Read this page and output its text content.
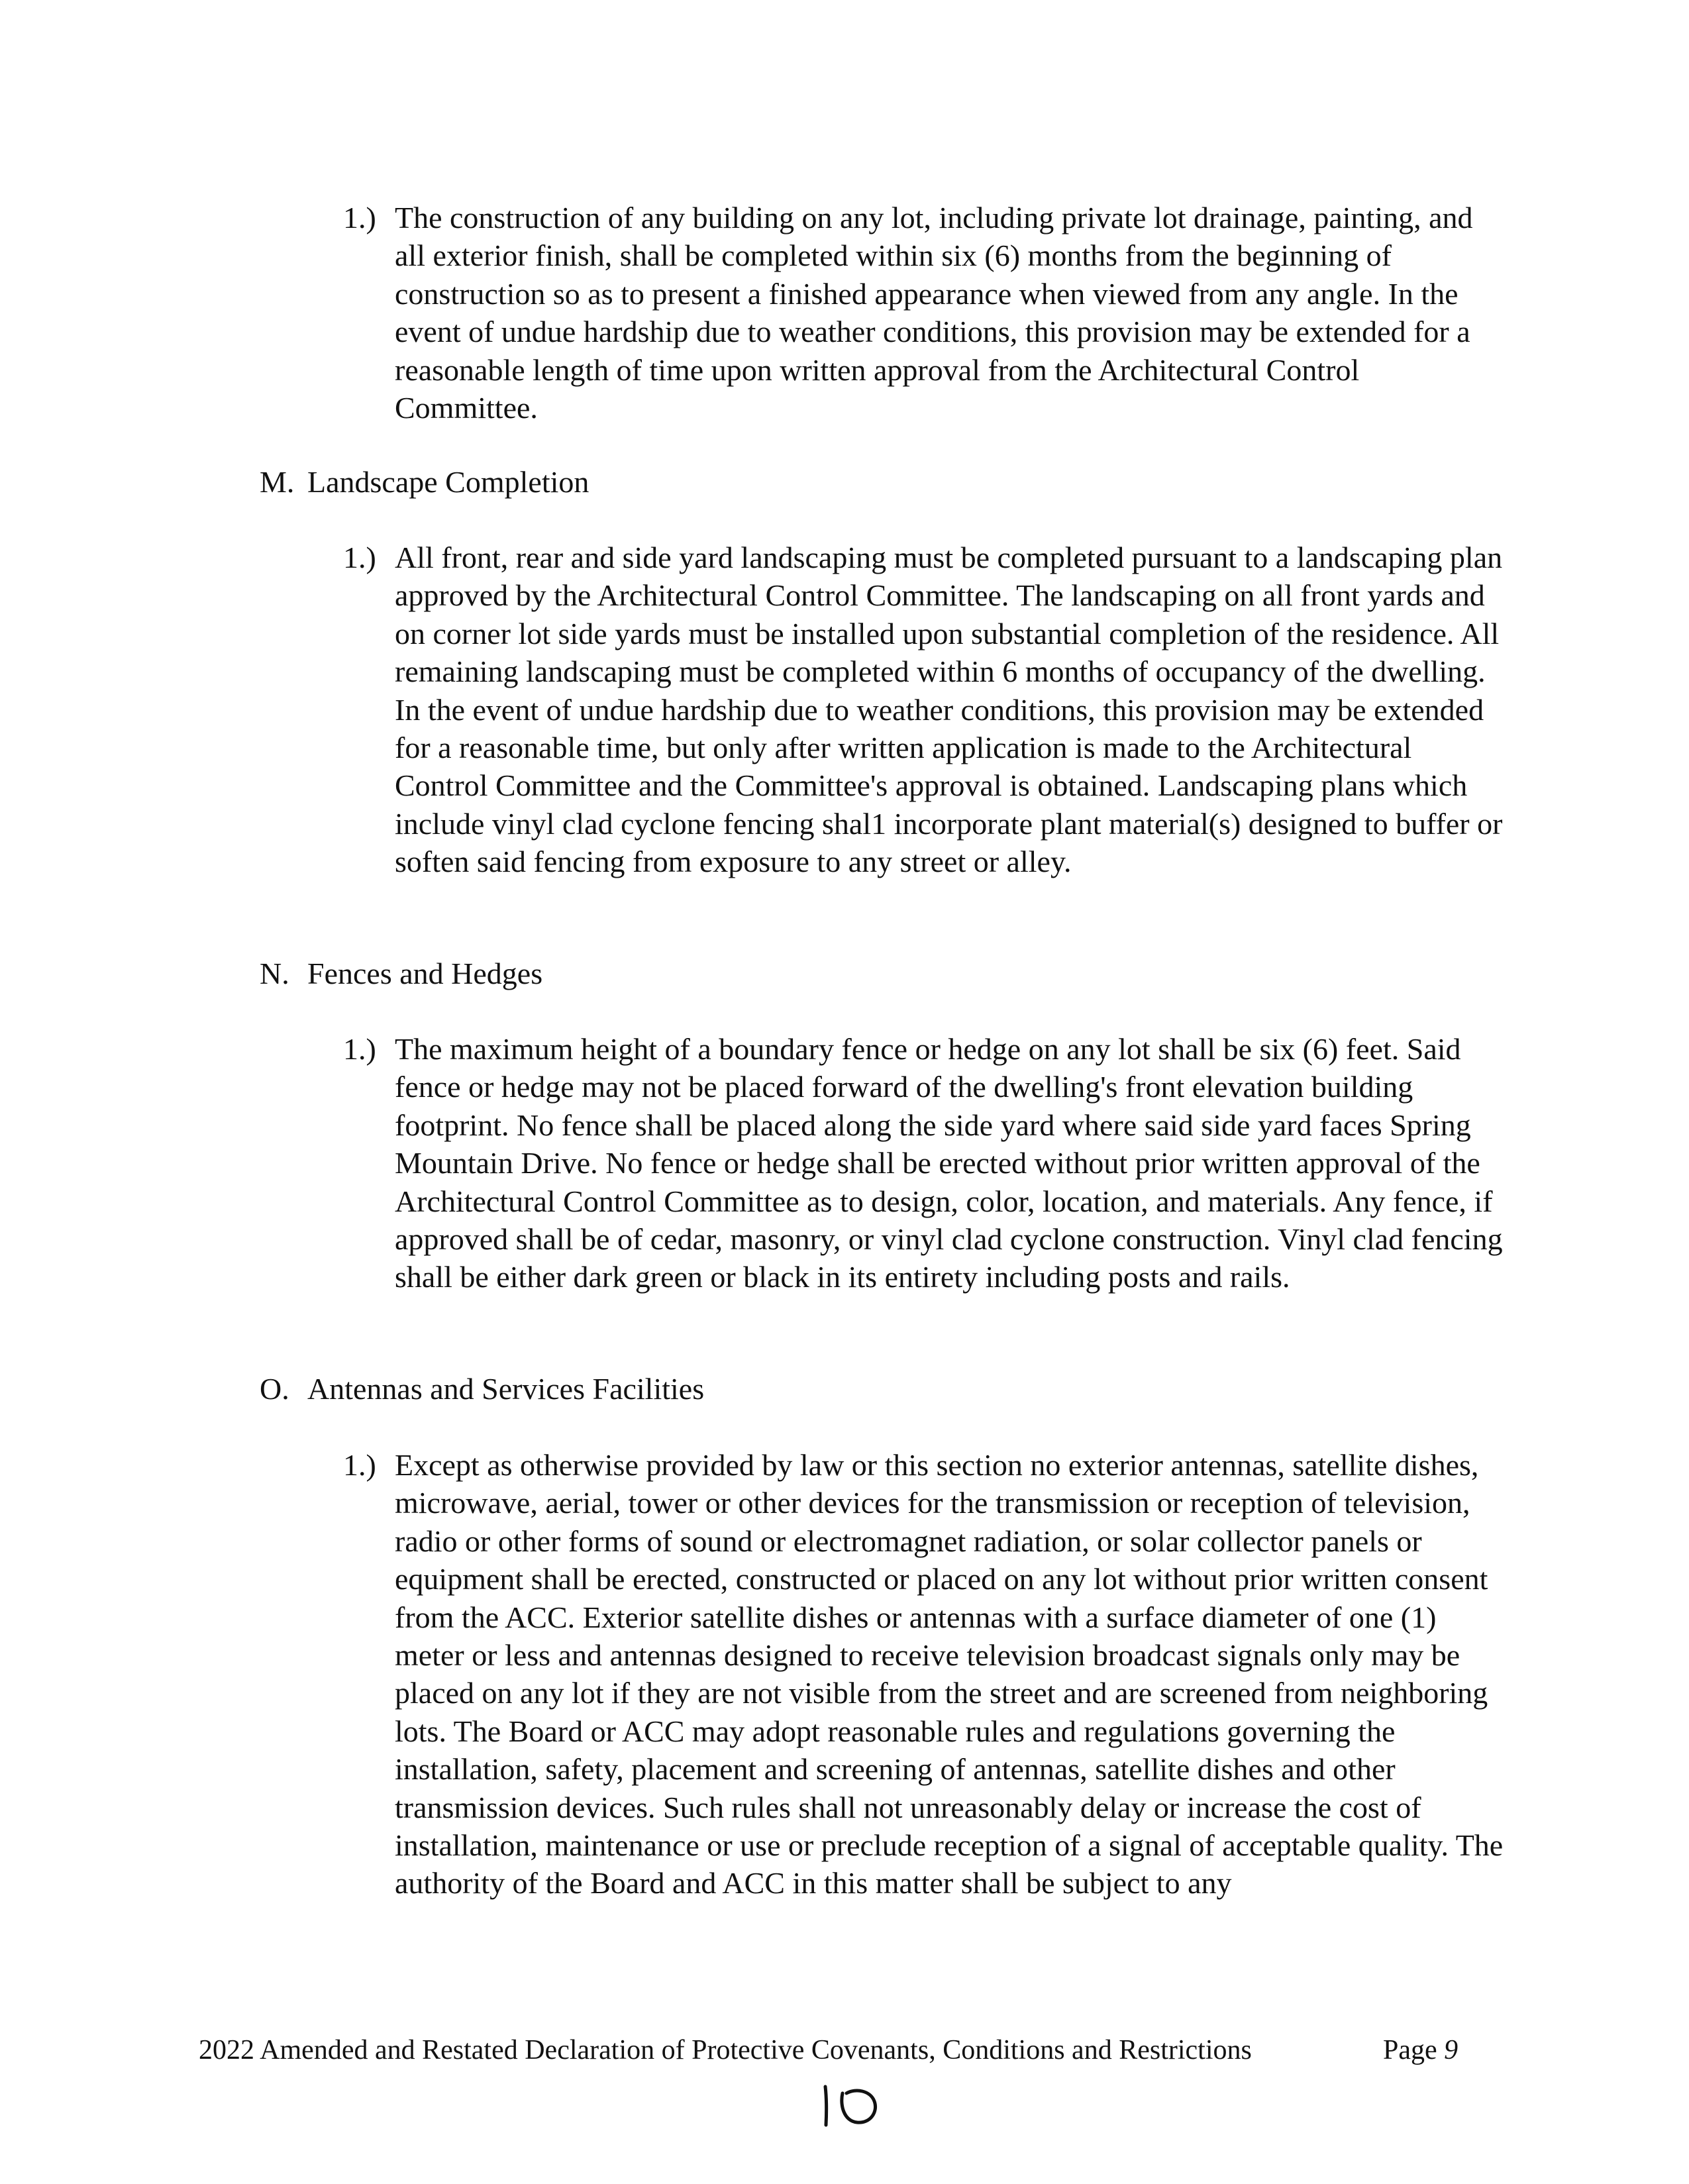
1.) The construction of any building on any lot, including private lot drainage, painting, and all exterior finish, shall be completed within six (6) months from the beginning of construction so as to present a finished appearance when viewed from any angle. In the event of undue hardship due to weather conditions, this provision may be extended for a reasonable length of time upon written approval from the Architectural Control Committee.
M. Landscape Completion
1.) All front, rear and side yard landscaping must be completed pursuant to a landscaping plan approved by the Architectural Control Committee. The landscaping on all front yards and on corner lot side yards must be installed upon substantial completion of the residence. All remaining landscaping must be completed within 6 months of occupancy of the dwelling. In the event of undue hardship due to weather conditions, this provision may be extended for a reasonable time, but only after written application is made to the Architectural Control Committee and the Committee's approval is obtained. Landscaping plans which include vinyl clad cyclone fencing shal1 incorporate plant material(s) designed to buffer or soften said fencing from exposure to any street or alley.
N. Fences and Hedges
1.) The maximum height of a boundary fence or hedge on any lot shall be six (6) feet. Said fence or hedge may not be placed forward of the dwelling's front elevation building footprint. No fence shall be placed along the side yard where said side yard faces Spring Mountain Drive. No fence or hedge shall be erected without prior written approval of the Architectural Control Committee as to design, color, location, and materials. Any fence, if approved shall be of cedar, masonry, or vinyl clad cyclone construction. Vinyl clad fencing shall be either dark green or black in its entirety including posts and rails.
O. Antennas and Services Facilities
1.) Except as otherwise provided by law or this section no exterior antennas, satellite dishes, microwave, aerial, tower or other devices for the transmission or reception of television, radio or other forms of sound or electromagnet radiation, or solar collector panels or equipment shall be erected, constructed or placed on any lot without prior written consent from the ACC. Exterior satellite dishes or antennas with a surface diameter of one (1) meter or less and antennas designed to receive television broadcast signals only may be placed on any lot if they are not visible from the street and are screened from neighboring lots. The Board or ACC may adopt reasonable rules and regulations governing the installation, safety, placement and screening of antennas, satellite dishes and other transmission devices. Such rules shall not unreasonably delay or increase the cost of installation, maintenance or use or preclude reception of a signal of acceptable quality. The authority of the Board and ACC in this matter shall be subject to any
2022 Amended and Restated Declaration of Protective Covenants, Conditions and Restrictions	Page 9
